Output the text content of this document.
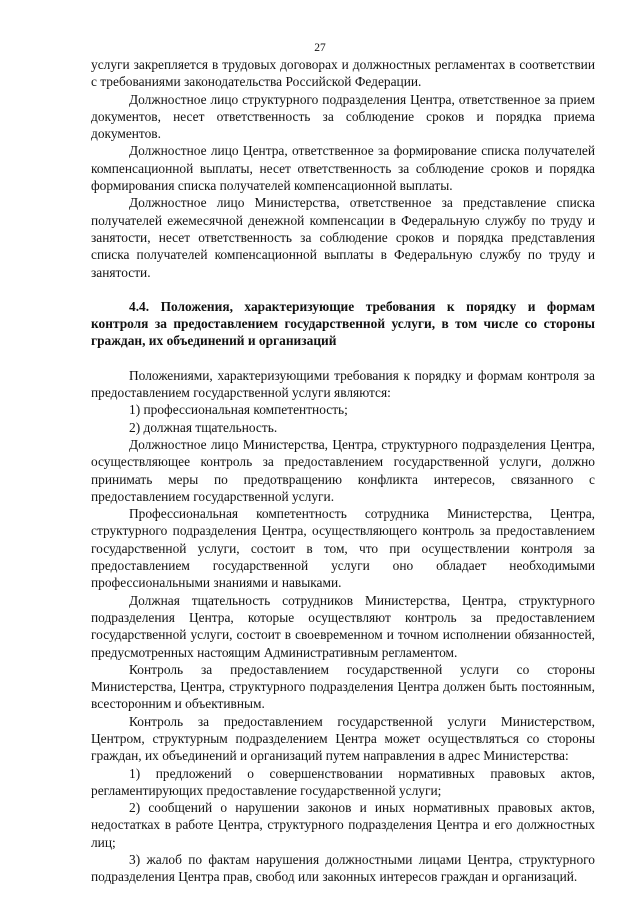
27

услуги закрепляется в трудовых договорах и должностных регламентах в соответствии с требованиями законодательства Российской Федерации.

Должностное лицо структурного подразделения Центра, ответственное за прием документов, несет ответственность за соблюдение сроков и порядка приема документов.

Должностное лицо Центра, ответственное за формирование списка получателей компенсационной выплаты, несет ответственность за соблюдение сроков и порядка формирования списка получателей компенсационной выплаты.

Должностное лицо Министерства, ответственное за представление списка получателей ежемесячной денежной компенсации в Федеральную службу по труду и занятости, несет ответственность за соблюдение сроков и порядка представления списка получателей компенсационной выплаты в Федеральную службу по труду и занятости.

4.4. Положения, характеризующие требования к порядку и формам контроля за предоставлением государственной услуги, в том числе со стороны граждан, их объединений и организаций

Положениями, характеризующими требования к порядку и формам контроля за предоставлением государственной услуги являются:

1) профессиональная компетентность;

2) должная тщательность.

Должностное лицо Министерства, Центра, структурного подразделения Центра, осуществляющее контроль за предоставлением государственной услуги, должно принимать меры по предотвращению конфликта интересов, связанного с предоставлением государственной услуги.

Профессиональная компетентность сотрудника Министерства, Центра, структурного подразделения Центра, осуществляющего контроль за предоставлением государственной услуги, состоит в том, что при осуществлении контроля за предоставлением государственной услуги оно обладает необходимыми профессиональными знаниями и навыками.

Должная тщательность сотрудников Министерства, Центра, структурного подразделения Центра, которые осуществляют контроль за предоставлением государственной услуги, состоит в своевременном и точном исполнении обязанностей, предусмотренных настоящим Административным регламентом.

Контроль за предоставлением государственной услуги со стороны Министерства, Центра, структурного подразделения Центра должен быть постоянным, всесторонним и объективным.

Контроль за предоставлением государственной услуги Министерством, Центром, структурным подразделением Центра может осуществляться со стороны граждан, их объединений и организаций путем направления в адрес Министерства:

1) предложений о совершенствовании нормативных правовых актов, регламентирующих предоставление государственной услуги;

2) сообщений о нарушении законов и иных нормативных правовых актов, недостатках в работе Центра, структурного подразделения Центра и его должностных лиц;

3) жалоб по фактам нарушения должностными лицами Центра, структурного подразделения Центра прав, свобод или законных интересов граждан и организаций.
